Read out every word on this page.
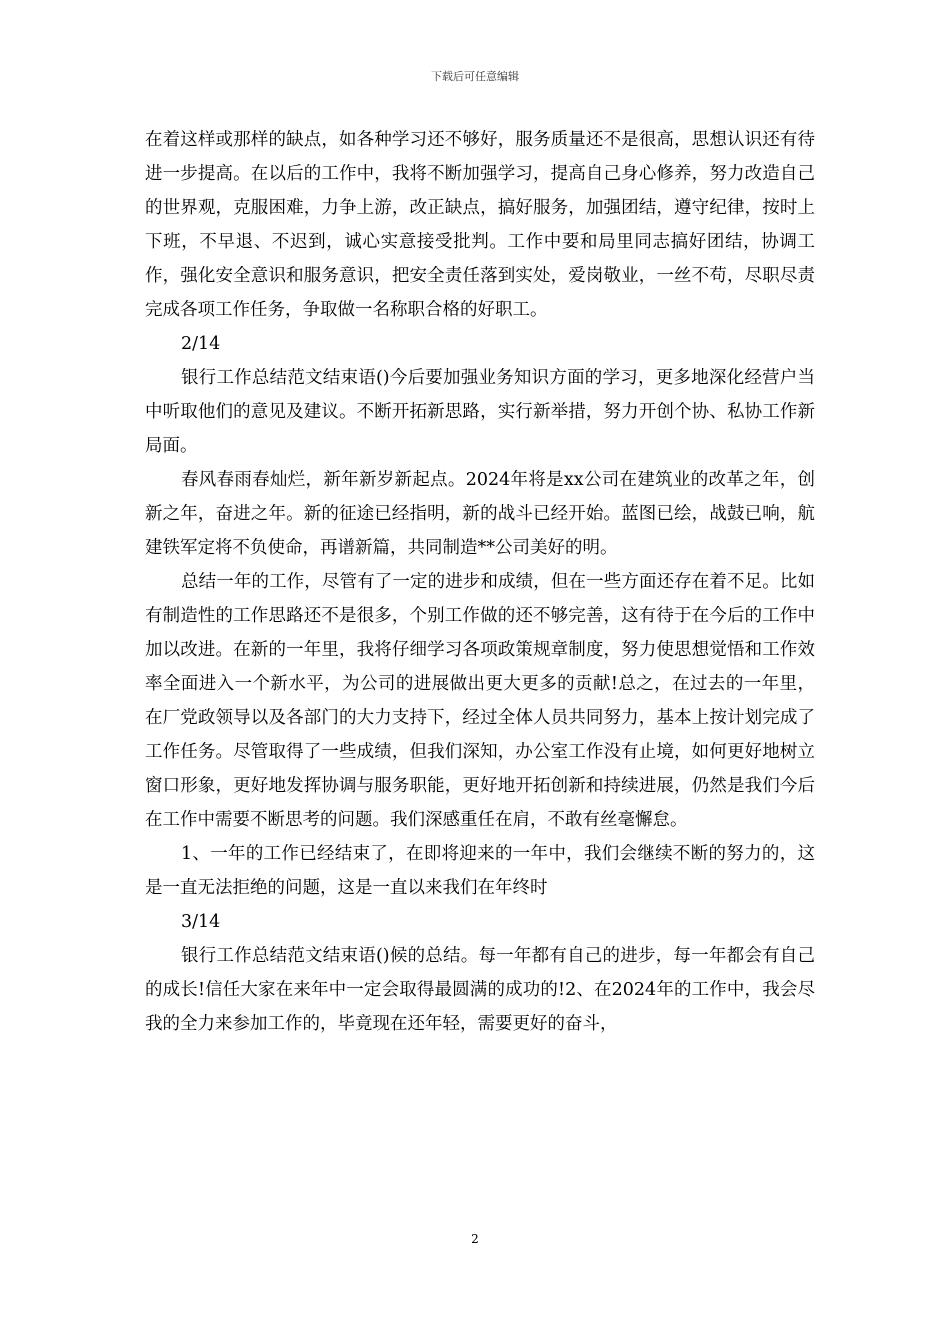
下载后可任意编辑

在着这样或那样的缺点，如各种学习还不够好，服务质量还不是很高，思想认识还有待进一步提高。在以后的工作中，我将不断加强学习，提高自己身心修养，努力改造自己的世界观，克服困难，力争上游，改正缺点，搞好服务，加强团结，遵守纪律，按时上下班，不早退、不迟到，诚心实意接受批判。工作中要和局里同志搞好团结，协调工作，强化安全意识和服务意识，把安全责任落到实处，爱岗敬业，一丝不苟，尽职尽责完成各项工作任务，争取做一名称职合格的好职工。

2/14

银行工作总结范文结束语()今后要加强业务知识方面的学习，更多地深化经营户当中听取他们的意见及建议。不断开拓新思路，实行新举措，努力开创个协、私协工作新局面。

春风春雨春灿烂，新年新岁新起点。2024年将是xx公司在建筑业的改革之年，创新之年，奋进之年。新的征途已经指明，新的战斗已经开始。蓝图已绘，战鼓已响，航建铁军定将不负使命，再谱新篇，共同制造**公司美好的明。

总结一年的工作，尽管有了一定的进步和成绩，但在一些方面还存在着不足。比如有制造性的工作思路还不是很多，个别工作做的还不够完善，这有待于在今后的工作中加以改进。在新的一年里，我将仔细学习各项政策规章制度，努力使思想觉悟和工作效率全面进入一个新水平，为公司的进展做出更大更多的贡献!总之，在过去的一年里，在厂党政领导以及各部门的大力支持下，经过全体人员共同努力，基本上按计划完成了工作任务。尽管取得了一些成绩，但我们深知，办公室工作没有止境，如何更好地树立窗口形象，更好地发挥协调与服务职能，更好地开拓创新和持续进展，仍然是我们今后在工作中需要不断思考的问题。我们深感重任在肩，不敢有丝毫懈怠。

1、一年的工作已经结束了，在即将迎来的一年中，我们会继续不断的努力的，这是一直无法拒绝的问题，这是一直以来我们在年终时

3/14

银行工作总结范文结束语()候的总结。每一年都有自己的进步，每一年都会有自己的成长!信任大家在来年中一定会取得最圆满的成功的!2、在2024年的工作中，我会尽我的全力来参加工作的，毕竟现在还年轻，需要更好的奋斗，

2
